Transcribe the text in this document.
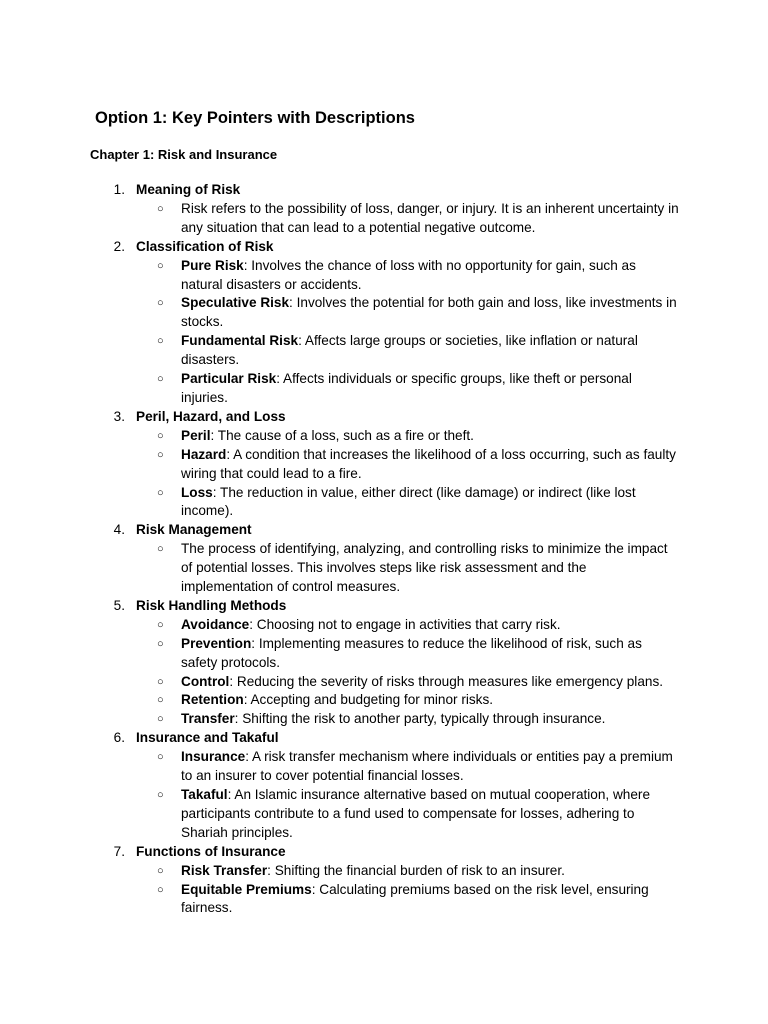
Option 1: Key Pointers with Descriptions
Chapter 1: Risk and Insurance
1. Meaning of Risk
○ Risk refers to the possibility of loss, danger, or injury. It is an inherent uncertainty in any situation that can lead to a potential negative outcome.
2. Classification of Risk
○ Pure Risk: Involves the chance of loss with no opportunity for gain, such as natural disasters or accidents.
○ Speculative Risk: Involves the potential for both gain and loss, like investments in stocks.
○ Fundamental Risk: Affects large groups or societies, like inflation or natural disasters.
○ Particular Risk: Affects individuals or specific groups, like theft or personal injuries.
3. Peril, Hazard, and Loss
○ Peril: The cause of a loss, such as a fire or theft.
○ Hazard: A condition that increases the likelihood of a loss occurring, such as faulty wiring that could lead to a fire.
○ Loss: The reduction in value, either direct (like damage) or indirect (like lost income).
4. Risk Management
○ The process of identifying, analyzing, and controlling risks to minimize the impact of potential losses. This involves steps like risk assessment and the implementation of control measures.
5. Risk Handling Methods
○ Avoidance: Choosing not to engage in activities that carry risk.
○ Prevention: Implementing measures to reduce the likelihood of risk, such as safety protocols.
○ Control: Reducing the severity of risks through measures like emergency plans.
○ Retention: Accepting and budgeting for minor risks.
○ Transfer: Shifting the risk to another party, typically through insurance.
6. Insurance and Takaful
○ Insurance: A risk transfer mechanism where individuals or entities pay a premium to an insurer to cover potential financial losses.
○ Takaful: An Islamic insurance alternative based on mutual cooperation, where participants contribute to a fund used to compensate for losses, adhering to Shariah principles.
7. Functions of Insurance
○ Risk Transfer: Shifting the financial burden of risk to an insurer.
○ Equitable Premiums: Calculating premiums based on the risk level, ensuring fairness.
